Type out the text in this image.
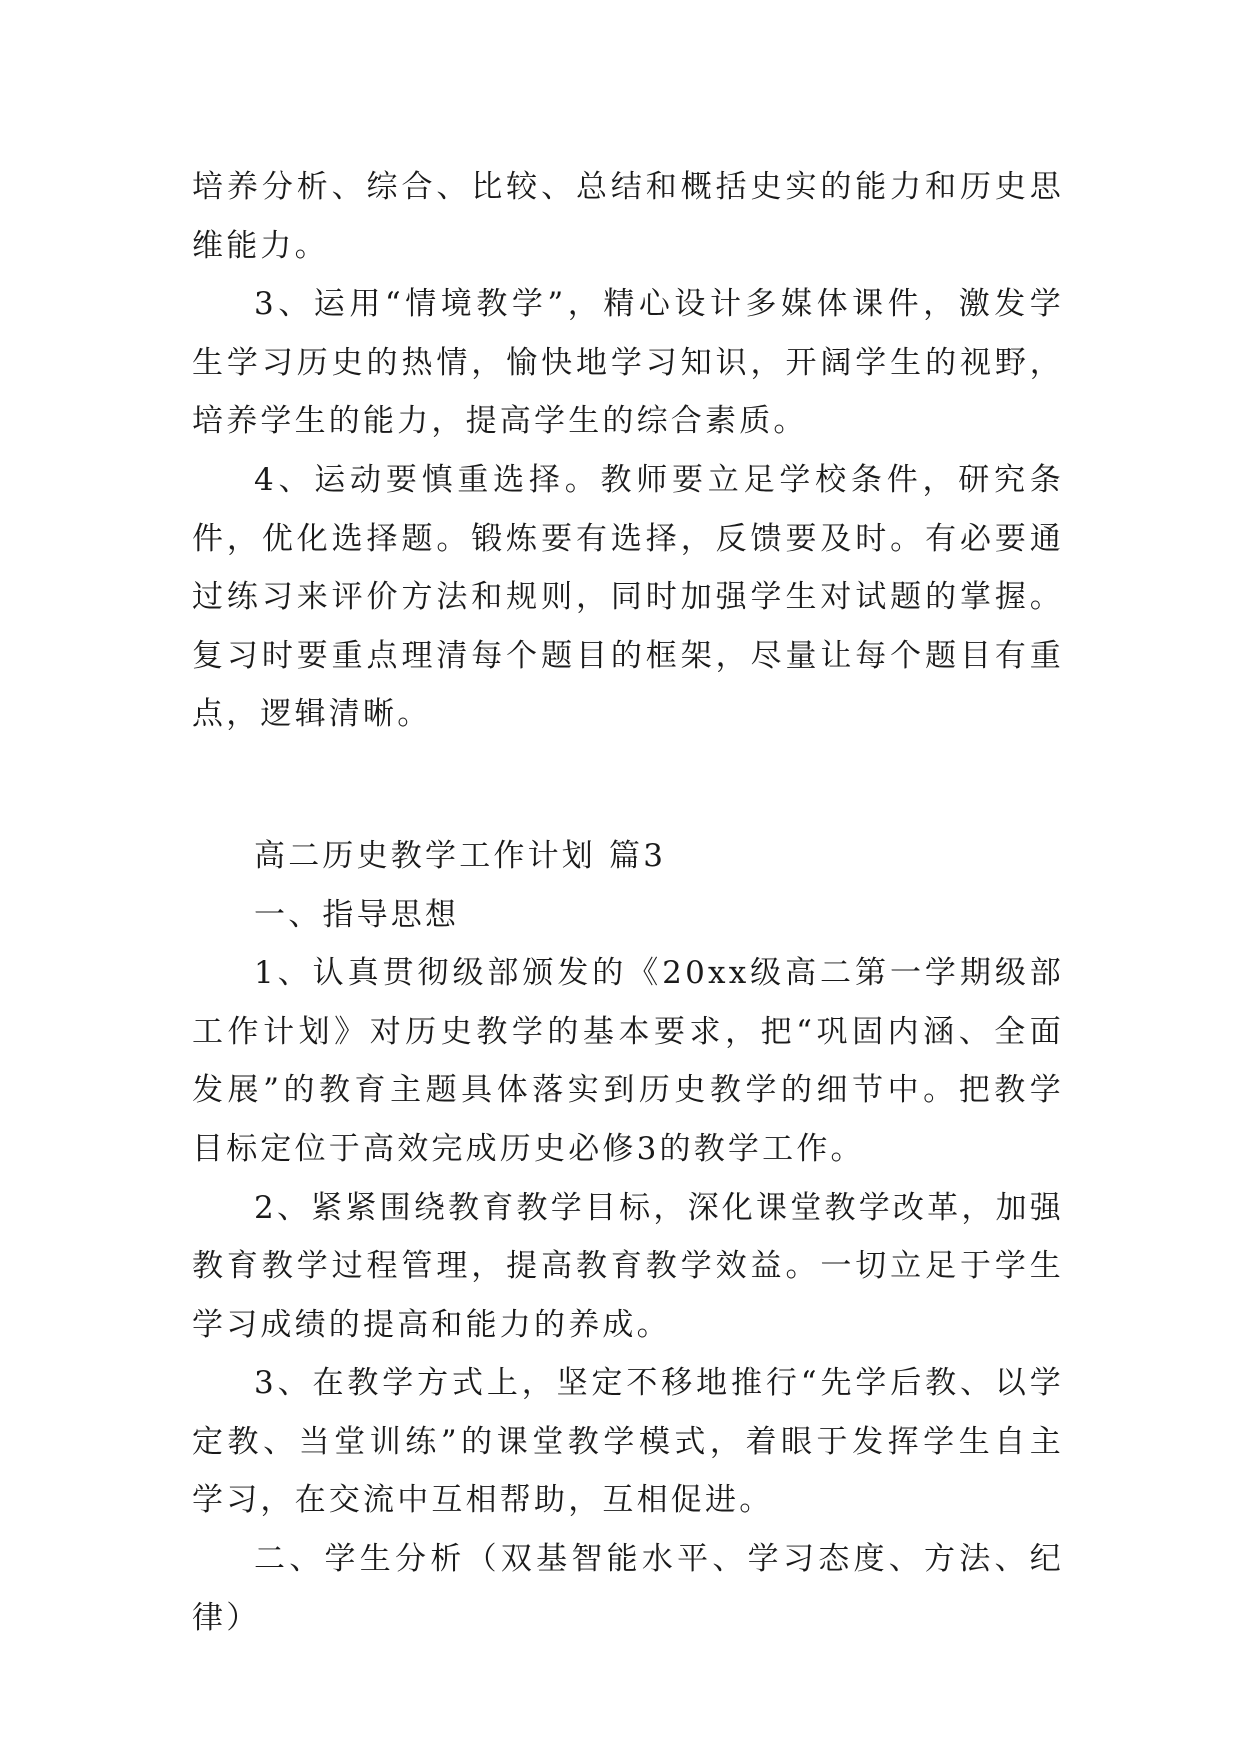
培养分析、综合、比较、总结和概括史实的能力和历史思维能力。

3、运用“情境教学”，精心设计多媒体课件，激发学生学习历史的热情，愉快地学习知识，开阔学生的视野，培养学生的能力，提高学生的综合素质。

4、运动要慎重选择。教师要立足学校条件，研究条件，优化选择题。锻炼要有选择，反馈要及时。有必要通过练习来评价方法和规则，同时加强学生对试题的掌握。复习时要重点理清每个题目的框架，尽量让每个题目有重点，逻辑清晰。

高二历史教学工作计划 篇3

一、指导思想

1、认真贯彻级部颁发的《20xx级高二第一学期级部工作计划》对历史教学的基本要求，把“巩固内涵、全面发展”的教育主题具体落实到历史教学的细节中。把教学目标定位于高效完成历史必修3的教学工作。

2、紧紧围绕教育教学目标，深化课堂教学改革，加强教育教学过程管理，提高教育教学效益。一切立足于学生学习成绩的提高和能力的养成。

3、在教学方式上，坚定不移地推行“先学后教、以学定教、当堂训练”的课堂教学模式，着眼于发挥学生自主学习，在交流中互相帮助，互相促进。

二、学生分析（双基智能水平、学习态度、方法、纪律）
